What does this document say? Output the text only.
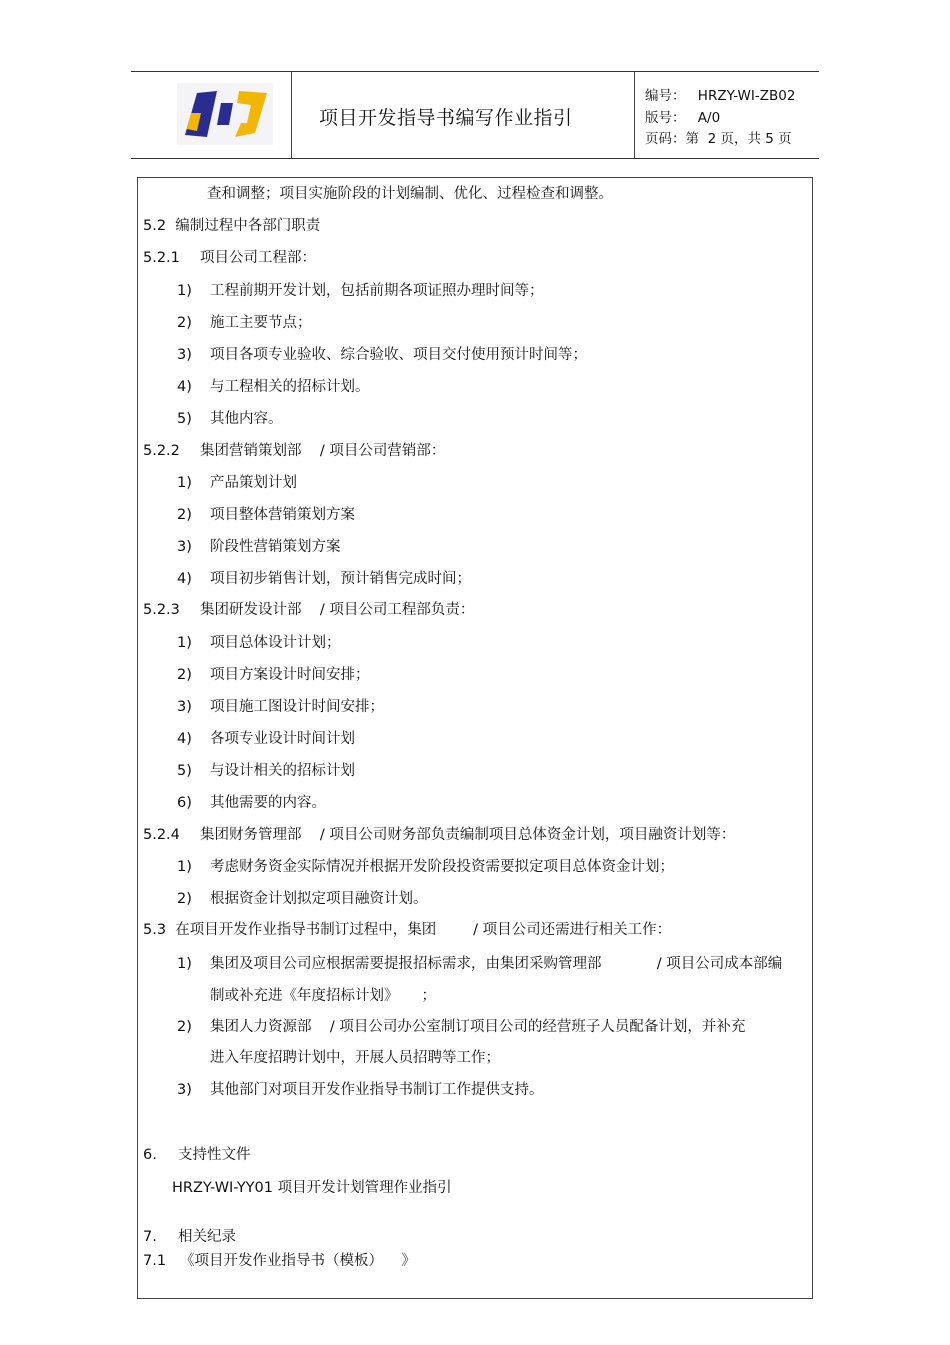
项目开发指导书编写作业指引
编号： HRZY-WI-ZB02
版号： A/0
页码：第  2 页，共 5 页
查和调整；项目实施阶段的计划编制、优化、过程检查和调整。
5.2  编制过程中各部门职责
5.2.1 项目公司工程部：
1) 工程前期开发计划，包括前期各项证照办理时间等；
2) 施工主要节点；
3) 项目各项专业验收、综合验收、项目交付使用预计时间等；
4) 与工程相关的招标计划。
5) 其他内容。
5.2.2 集团营销策划部    / 项目公司营销部：
1) 产品策划计划
2) 项目整体营销策划方案
3) 阶段性营销策划方案
4) 项目初步销售计划，预计销售完成时间；
5.2.3 集团研发设计部    / 项目公司工程部负责：
1) 项目总体设计计划；
2) 项目方案设计时间安排；
3) 项目施工图设计时间安排；
4) 各项专业设计时间计划
5) 与设计相关的招标计划
6) 其他需要的内容。
5.2.4 集团财务管理部    / 项目公司财务部负责编制项目总体资金计划，项目融资计划等：
1) 考虑财务资金实际情况并根据开发阶段投资需要拟定项目总体资金计划；
2) 根据资金计划拟定项目融资计划。
5.3  在项目开发作业指导书制订过程中，集团        / 项目公司还需进行相关工作：
1) 集团及项目公司应根据需要提报招标需求，由集团采购管理部            / 项目公司成本部编
制或补充进《年度招标计划》     ；
2) 集团人力资源部    / 项目公司办公室制订项目公司的经营班子人员配备计划，并补充
进入年度招聘计划中，开展人员招聘等工作；
3) 其他部门对项目开发作业指导书制订工作提供支持。
6. 支持性文件
HRZY-WI-YY01 项目开发计划管理作业指引
7. 相关纪录
7.1 《项目开发作业指导书（模板）    》
